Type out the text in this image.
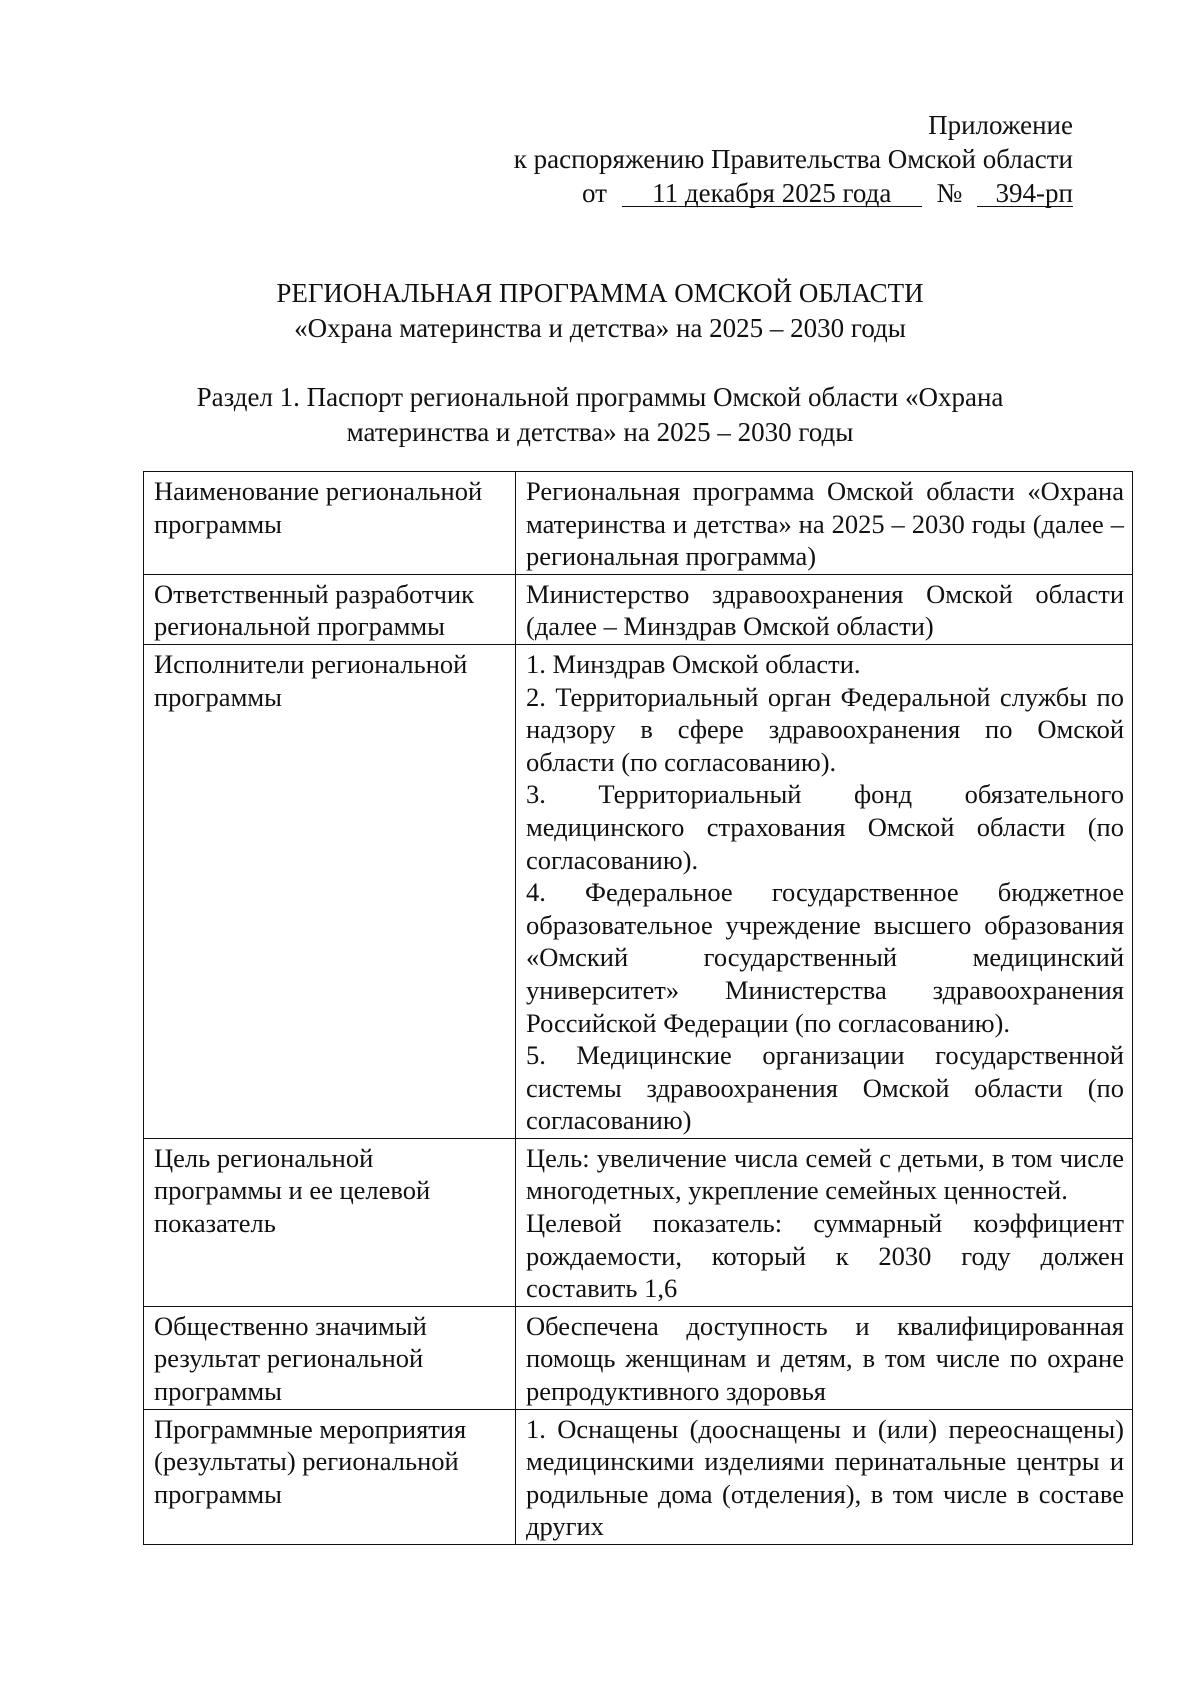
Приложение
к распоряжению Правительства Омской области
от 11 декабря 2025 года № 394-рп
РЕГИОНАЛЬНАЯ ПРОГРАММА ОМСКОЙ ОБЛАСТИ
«Охрана материнства и детства» на 2025 – 2030 годы
Раздел 1. Паспорт региональной программы Омской области «Охрана
материнства и детства» на 2025 – 2030 годы
Наименование региональной программы	Региональная программа Омской области «Охрана материнства и детства» на 2025 – 2030 годы (далее – региональная программа)

Ответственный разработчик региональной программы	Министерство здравоохранения Омской области (далее – Минздрав Омской области)

Исполнители региональной программы	1. Минздрав Омской области.
2. Территориальный орган Федеральной службы по надзору в сфере здравоохранения по Омской области (по согласованию).
3. Территориальный фонд обязательного медицинского страхования Омской области (по согласованию).
4. Федеральное государственное бюджетное образовательное учреждение высшего образования «Омский государственный медицинский университет» Министерства здравоохранения Российской Федерации (по согласованию).
5. Медицинские организации государственной системы здравоохранения Омской области (по согласованию)

Цель региональной программы и ее целевой показатель	Цель: увеличение числа семей с детьми, в том числе многодетных, укрепление семейных ценностей.
Целевой показатель: суммарный коэффициент рождаемости, который к 2030 году должен составить 1,6

Общественно значимый результат региональной программы	Обеспечена доступность и квалифицированная помощь женщинам и детям, в том числе по охране репродуктивного здоровья

Программные мероприятия (результаты) региональной программы	1. Оснащены (дооснащены и (или) переоснащены) медицинскими изделиями перинатальные центры и родильные дома (отделения), в том числе в составе других
